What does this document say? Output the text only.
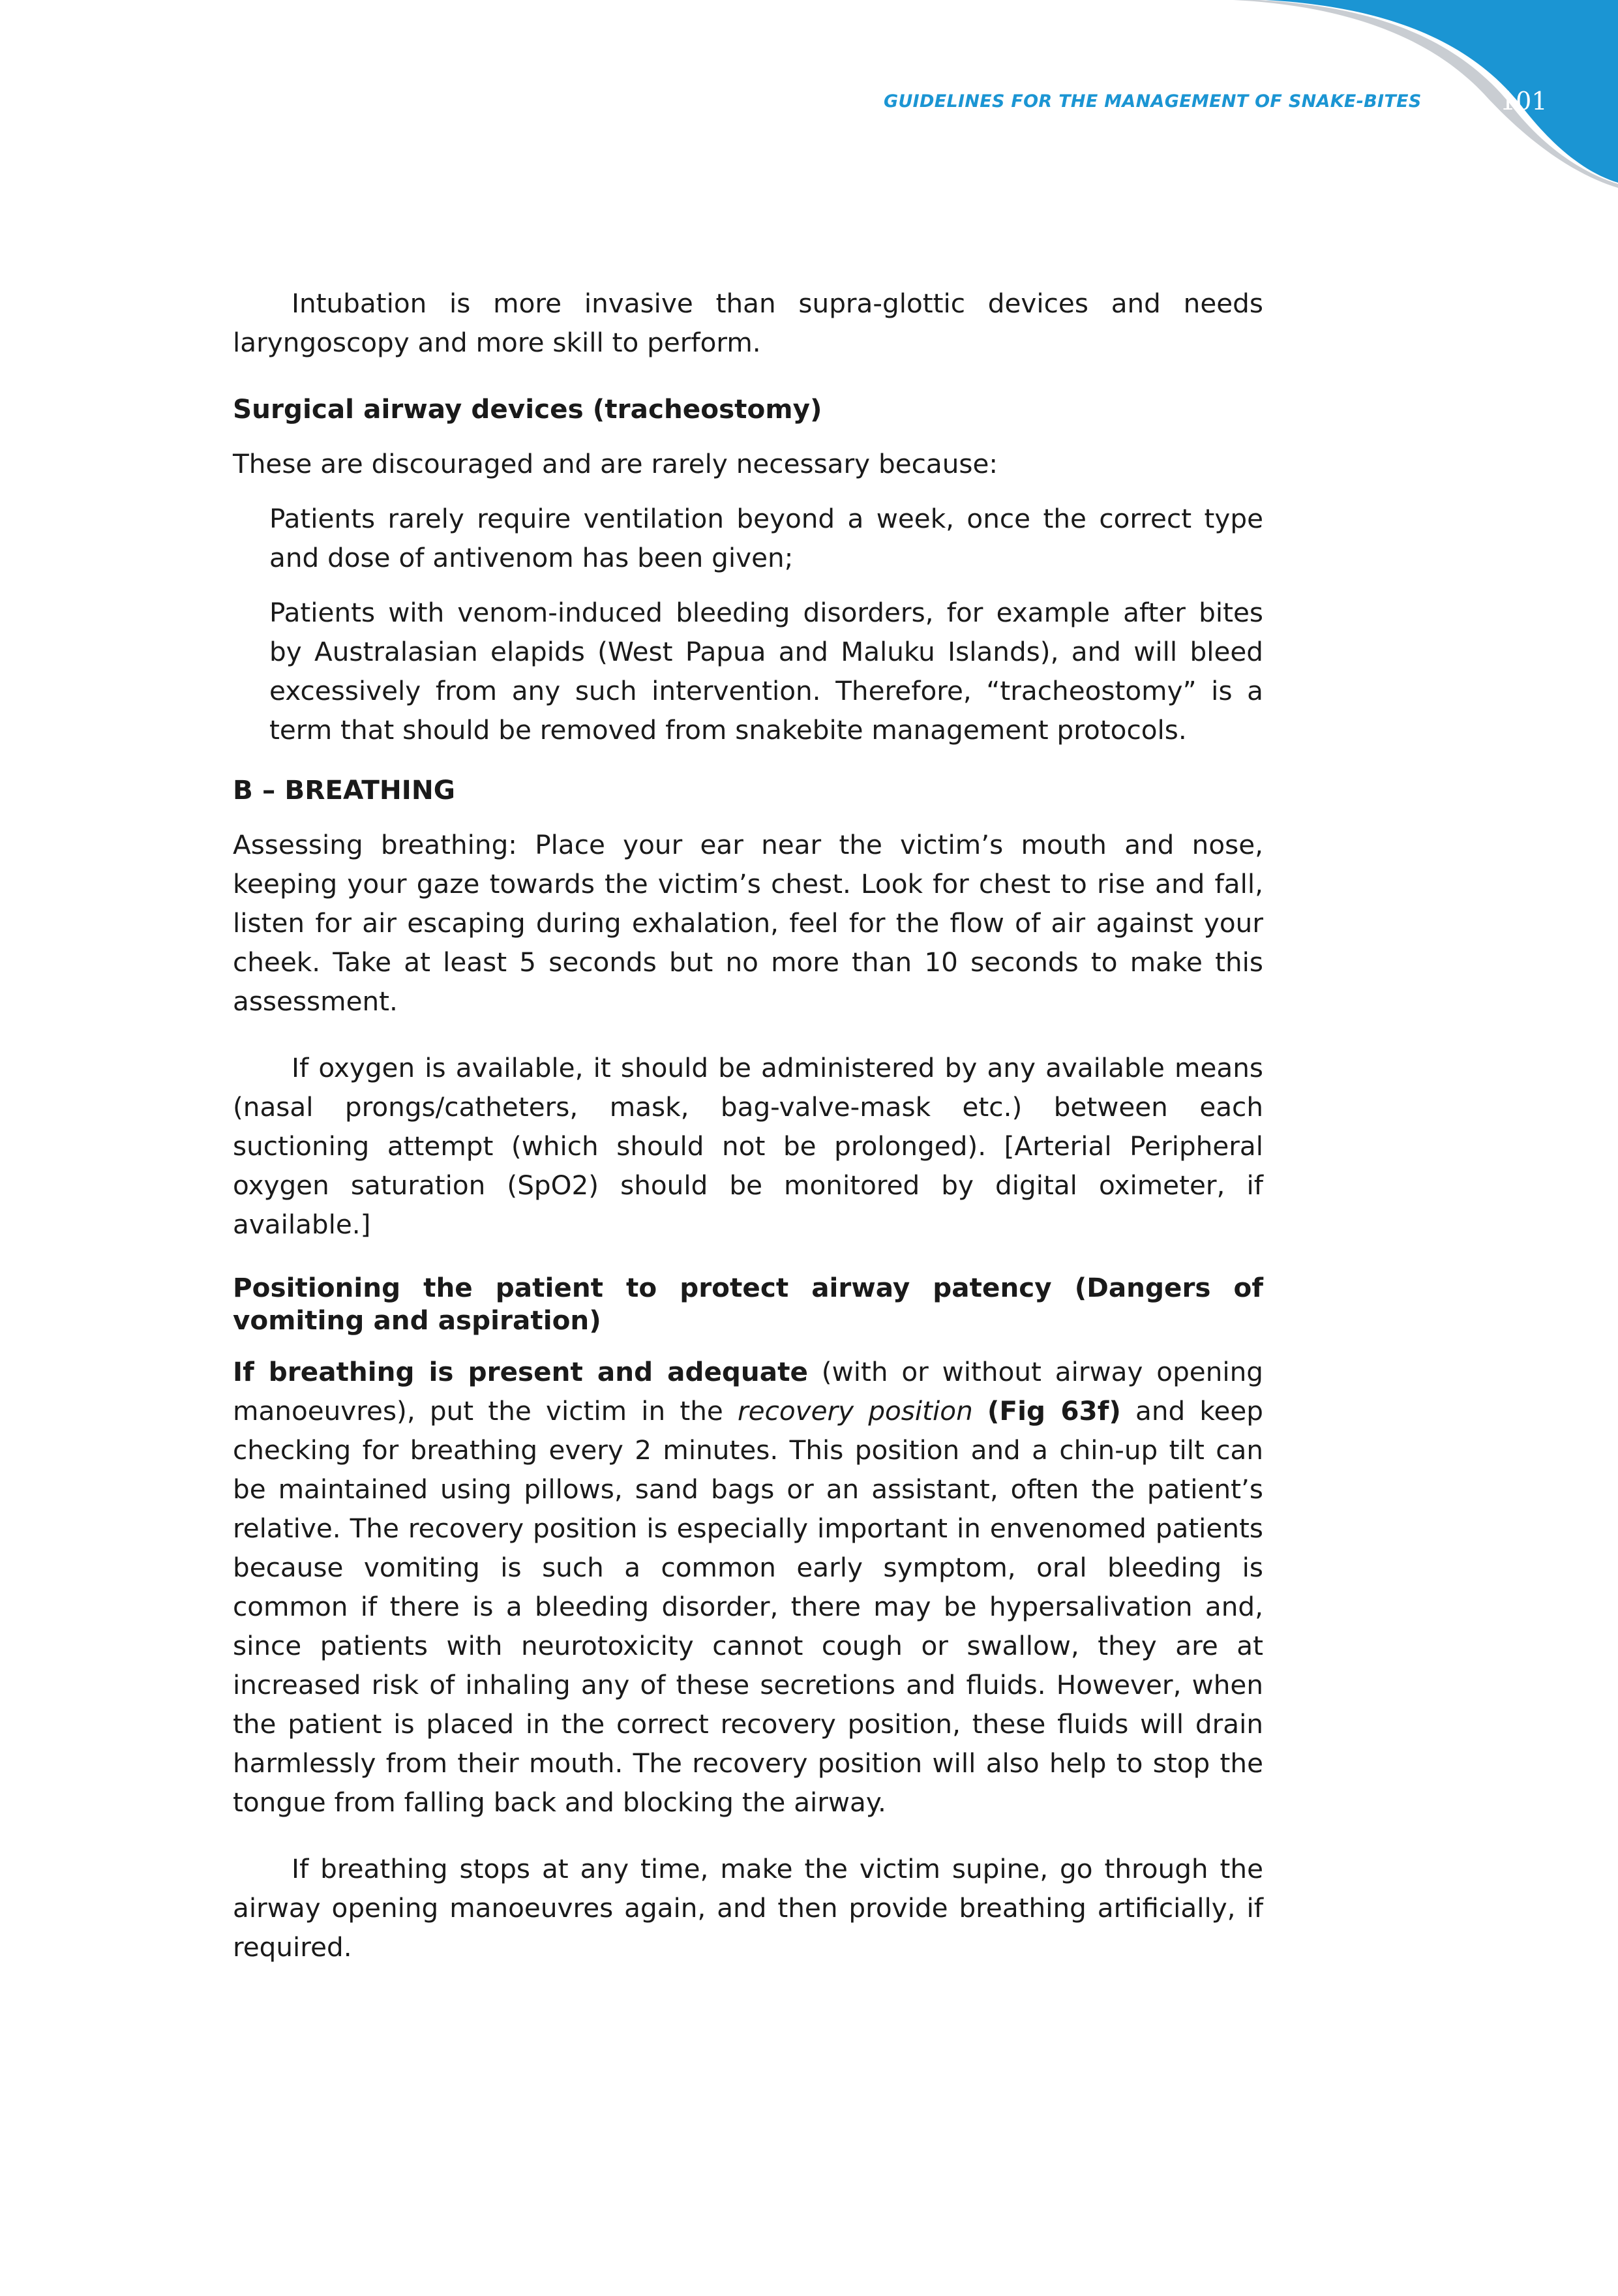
GUIDELINES FOR THE MANAGEMENT OF SNAKE-BITES	101

Intubation is more invasive than supra-glottic devices and needs laryngoscopy and more skill to perform.

Surgical airway devices (tracheostomy)

These are discouraged and are rarely necessary because:

Patients rarely require ventilation beyond a week, once the correct type and dose of antivenom has been given;

Patients with venom-induced bleeding disorders, for example after bites by Australasian elapids (West Papua and Maluku Islands), and will bleed excessively from any such intervention. Therefore, “tracheostomy” is a term that should be removed from snakebite management protocols.

B – BREATHING

Assessing breathing: Place your ear near the victim’s mouth and nose, keeping your gaze towards the victim’s chest. Look for chest to rise and fall, listen for air escaping during exhalation, feel for the flow of air against your cheek. Take at least 5 seconds but no more than 10 seconds to make this assessment.

If oxygen is available, it should be administered by any available means (nasal prongs/catheters, mask, bag-valve-mask etc.) between each suctioning attempt (which should not be prolonged). [Arterial Peripheral oxygen saturation (SpO2) should be monitored by digital oximeter, if available.]

Positioning the patient to protect airway patency (Dangers of vomiting and aspiration)

If breathing is present and adequate (with or without airway opening manoeuvres), put the victim in the recovery position (Fig 63f) and keep checking for breathing every 2 minutes. This position and a chin-up tilt can be maintained using pillows, sand bags or an assistant, often the patient’s relative. The recovery position is especially important in envenomed patients because vomiting is such a common early symptom, oral bleeding is common if there is a bleeding disorder, there may be hypersalivation and, since patients with neurotoxicity cannot cough or swallow, they are at increased risk of inhaling any of these secretions and fluids. However, when the patient is placed in the correct recovery position, these fluids will drain harmlessly from their mouth. The recovery position will also help to stop the tongue from falling back and blocking the airway.

If breathing stops at any time, make the victim supine, go through the airway opening manoeuvres again, and then provide breathing artificially, if required.
